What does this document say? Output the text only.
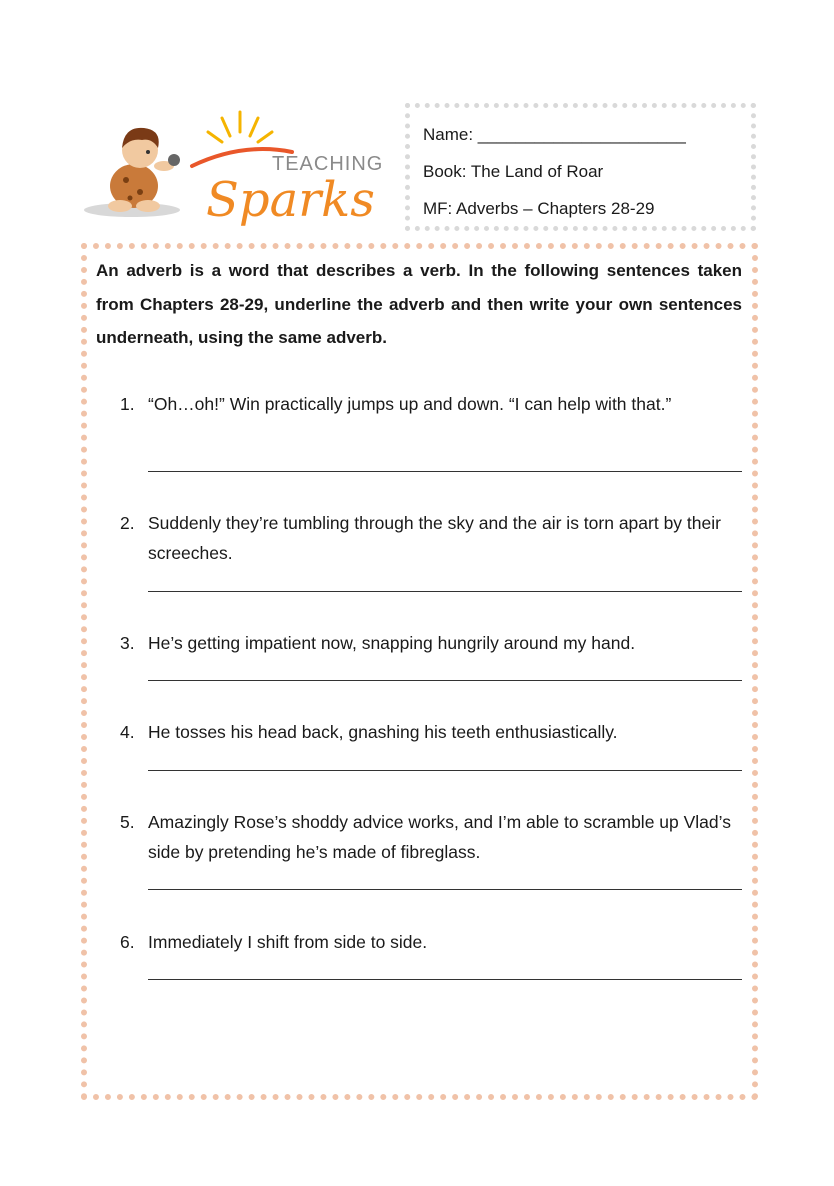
TEACHING
Sparks
Name: ______________________
Book: The Land of Roar
MF: Adverbs – Chapters 28-29
An adverb is a word that describes a verb. In the following sentences taken from Chapters 28-29, underline the adverb and then write your own sentences underneath, using the same adverb.
1. “Oh…oh!” Win practically jumps up and down. “I can help with that.”
2. Suddenly they’re tumbling through the sky and the air is torn apart by their screeches.
3. He’s getting impatient now, snapping hungrily around my hand.
4. He tosses his head back, gnashing his teeth enthusiastically.
5. Amazingly Rose’s shoddy advice works, and I’m able to scramble up Vlad’s side by pretending he’s made of fibreglass.
6. Immediately I shift from side to side.
